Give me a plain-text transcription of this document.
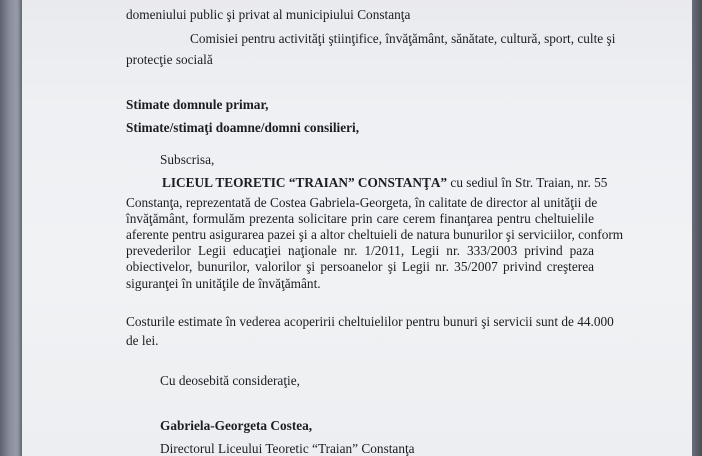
domeniului public şi privat al municipiului Constanţa
Comisiei pentru activităţi ştiinţifice, învăţământ, sănătate, cultură, sport, culte şi
protecţie socială
Stimate domnule primar,
Stimate/stimaţi doamne/domni consilieri,
Subscrisa,
LICEUL TEORETIC “TRAIAN” CONSTANŢA” cu sediul în Str. Traian, nr. 55
Constanţa, reprezentată de Costea Gabriela-Georgeta, în calitate de director al unităţii de
învăţământ, formulăm prezenta solicitare prin care cerem finanţarea pentru cheltuielile
aferente pentru asigurarea pazei şi a altor cheltuieli de natura bunurilor şi serviciilor, conform
prevederilor Legii educaţiei naţionale nr. 1/2011, Legii nr. 333/2003 privind paza
obiectivelor, bunurilor, valorilor şi persoanelor şi Legii nr. 35/2007 privind creşterea
siguranţei în unităţile de învăţământ.
Costurile estimate în vederea acoperirii cheltuielilor pentru bunuri şi servicii sunt de 44.000
de lei.
Cu deosebită consideraţie,
Gabriela-Georgeta Costea,
Directorul Liceului Teoretic “Traian” Constanţa
